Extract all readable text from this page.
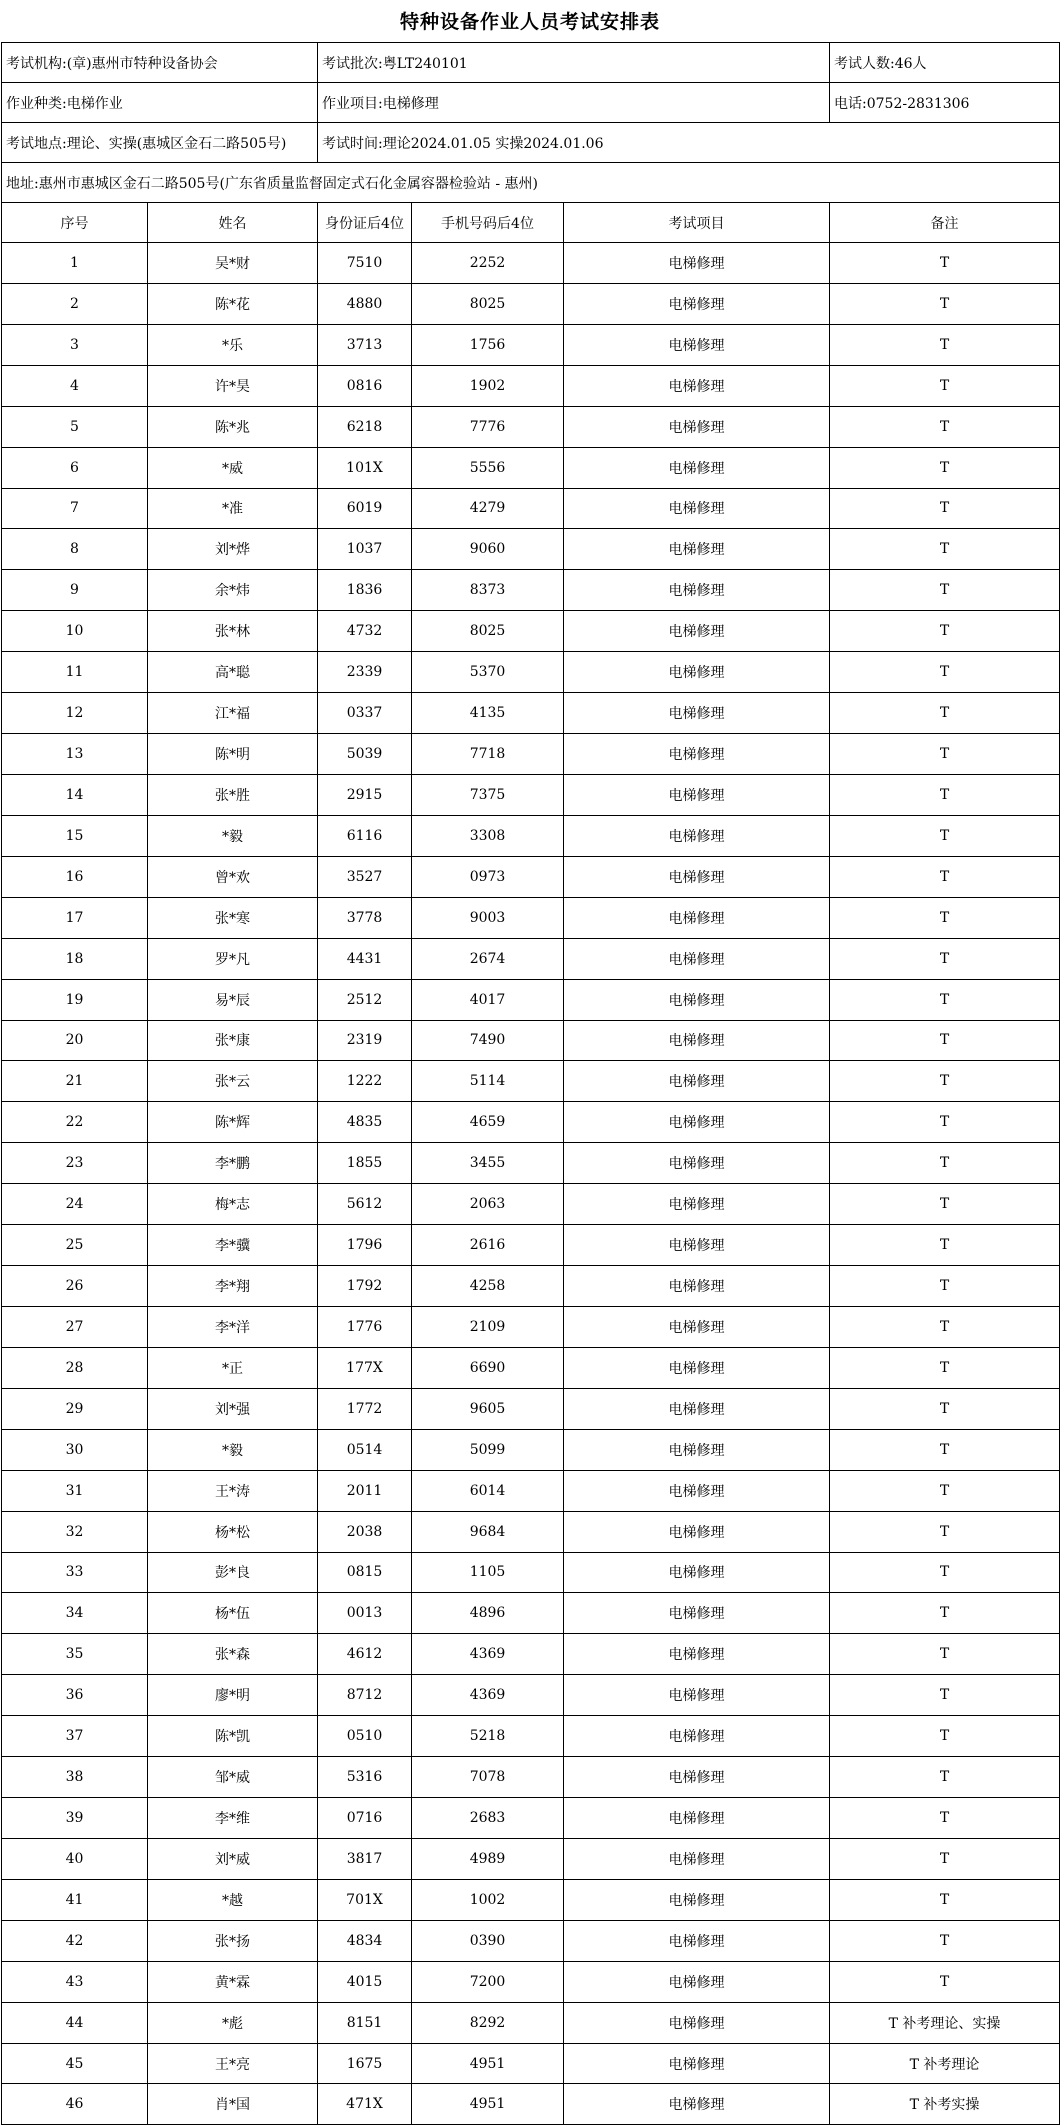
特种设备作业人员考试安排表
考试机构:(章)惠州市特种设备协会		考试批次:粤LT240101			考试人数:46人
作业种类:电梯作业		作业项目:电梯修理			电话:0752-2831306
考试地点:理论、实操(惠城区金石二路505号)		考试时间:理论2024.01.05 实操2024.01.06			
地址:惠州市惠城区金石二路505号(广东省质量监督固定式石化金属容器检验站 - 惠州)					
序号	姓名	身份证后4位	手机号码后4位	考试项目	备注
1	吴*财	7510	2252	电梯修理	T
2	陈*花	4880	8025	电梯修理	T
3	*乐	3713	1756	电梯修理	T
4	许*昊	0816	1902	电梯修理	T
5	陈*兆	6218	7776	电梯修理	T
6	*威	101X	5556	电梯修理	T
7	*准	6019	4279	电梯修理	T
8	刘*烨	1037	9060	电梯修理	T
9	余*炜	1836	8373	电梯修理	T
10	张*林	4732	8025	电梯修理	T
11	高*聪	2339	5370	电梯修理	T
12	江*福	0337	4135	电梯修理	T
13	陈*明	5039	7718	电梯修理	T
14	张*胜	2915	7375	电梯修理	T
15	*毅	6116	3308	电梯修理	T
16	曾*欢	3527	0973	电梯修理	T
17	张*寒	3778	9003	电梯修理	T
18	罗*凡	4431	2674	电梯修理	T
19	易*辰	2512	4017	电梯修理	T
20	张*康	2319	7490	电梯修理	T
21	张*云	1222	5114	电梯修理	T
22	陈*辉	4835	4659	电梯修理	T
23	李*鹏	1855	3455	电梯修理	T
24	梅*志	5612	2063	电梯修理	T
25	李*骥	1796	2616	电梯修理	T
26	李*翔	1792	4258	电梯修理	T
27	李*洋	1776	2109	电梯修理	T
28	*正	177X	6690	电梯修理	T
29	刘*强	1772	9605	电梯修理	T
30	*毅	0514	5099	电梯修理	T
31	王*涛	2011	6014	电梯修理	T
32	杨*松	2038	9684	电梯修理	T
33	彭*良	0815	1105	电梯修理	T
34	杨*伍	0013	4896	电梯修理	T
35	张*森	4612	4369	电梯修理	T
36	廖*明	8712	4369	电梯修理	T
37	陈*凯	0510	5218	电梯修理	T
38	邹*威	5316	7078	电梯修理	T
39	李*维	0716	2683	电梯修理	T
40	刘*威	3817	4989	电梯修理	T
41	*越	701X	1002	电梯修理	T
42	张*扬	4834	0390	电梯修理	T
43	黄*霖	4015	7200	电梯修理	T
44	*彪	8151	8292	电梯修理	T 补考理论、实操
45	王*亮	1675	4951	电梯修理	T 补考理论
46	肖*国	471X	4951	电梯修理	T 补考实操
